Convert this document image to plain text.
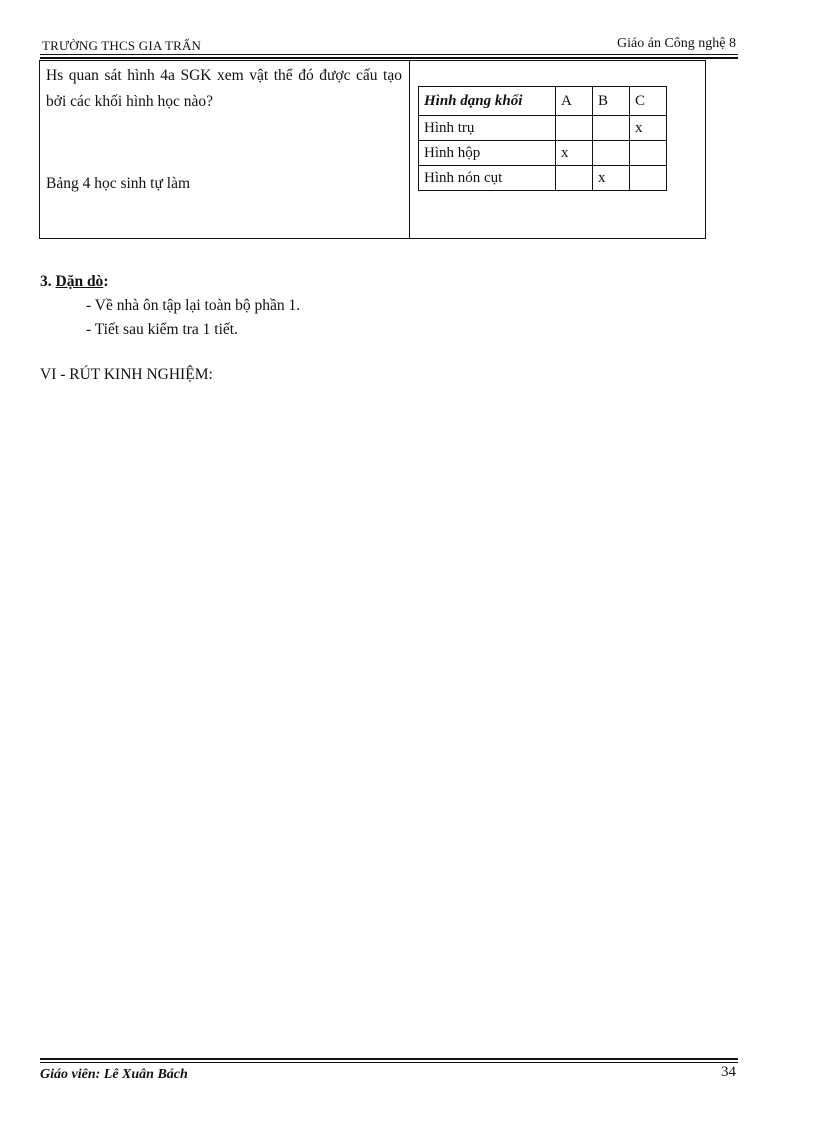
TRƯỜNG THCS GIA TRẤN	Giáo án Công nghệ 8
Hs quan sát hình 4a SGK xem vật thể đó được cấu tạo bởi các khối hình học nào?
Bảng 4 học sinh tự làm
Hình dạng khối	A	B	C
Hình trụ			x
Hình hộp	x		
Hình nón cụt		x	
3. Dặn dò:
- Về nhà ôn tập lại toàn bộ phần 1.
- Tiết sau kiểm tra 1 tiết.
VI - RÚT KINH NGHIỆM:
Giáo viên: Lê Xuân Bách	34
